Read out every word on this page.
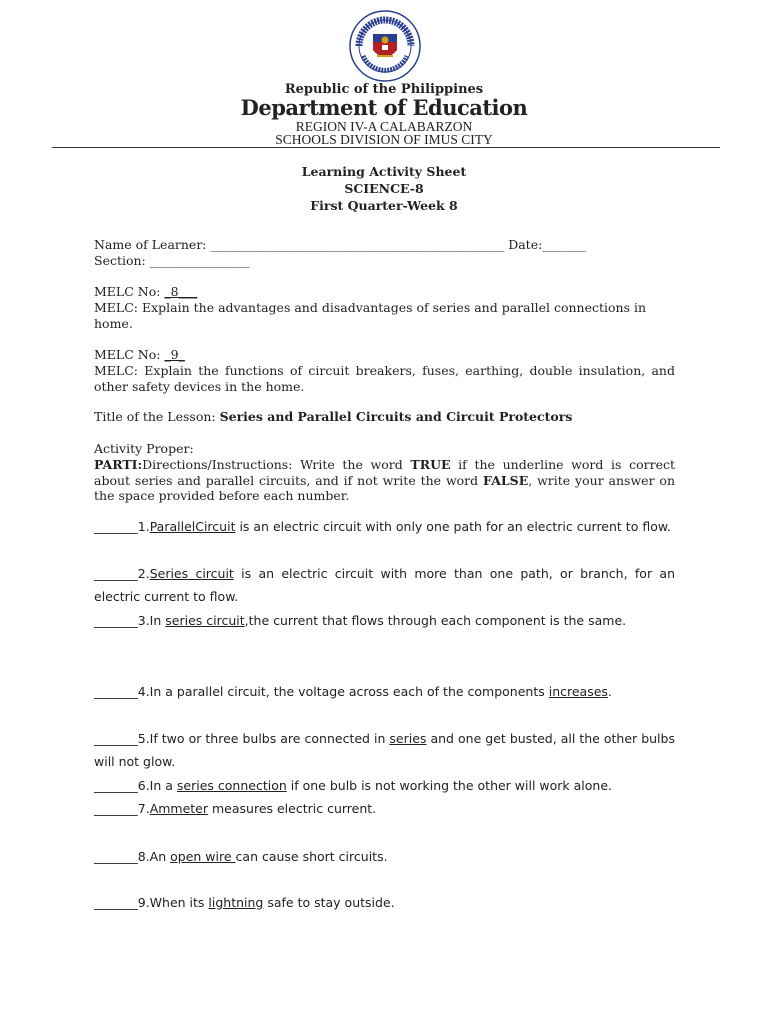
Republic of the Philippines
Department of Education
REGION IV-A CALABARZON
SCHOOLS DIVISION OF IMUS CITY
Learning Activity Sheet
SCIENCE-8
First Quarter-Week 8
Name of Learner: _______________________________________________ Date:_______
Section: ________________
MELC No: _8___
MELC: Explain the advantages and disadvantages of series and parallel connections in home.
MELC No: _9_
MELC: Explain the functions of circuit breakers, fuses, earthing, double insulation, and other safety devices in the home.
Title of the Lesson: Series and Parallel Circuits and Circuit Protectors
Activity Proper:
PARTI:Directions/Instructions: Write the word TRUE if the underline word is correct about series and parallel circuits, and if not write the word FALSE, write your answer on the space provided before each number.
_______1.ParallelCircuit is an electric circuit with only one path for an electric current to flow.
_______2.Series circuit is an electric circuit with more than one path, or branch, for an electric current to flow.
_______3.In series circuit,the current that flows through each component is the same.
_______4.In a parallel circuit, the voltage across each of the components increases.
_______5.If two or three bulbs are connected in series and one get busted, all the other bulbs will not glow.
_______6.In a series connection if one bulb is not working the other will work alone.
_______7.Ammeter measures electric current.
_______8.An open wire can cause short circuits.
_______9.When its lightning safe to stay outside.
